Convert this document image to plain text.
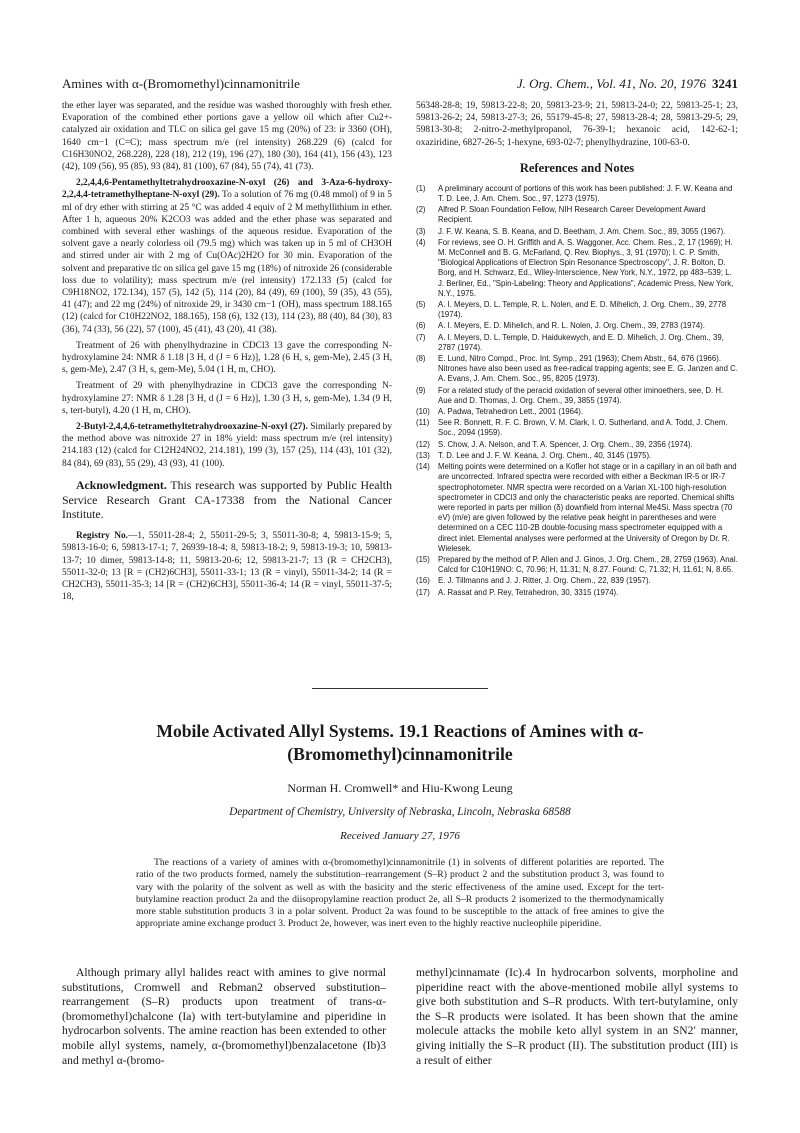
Amines with α-(Bromomethyl)cinnamonitrile	J. Org. Chem., Vol. 41, No. 20, 1976 3241

the ether layer was separated, and the residue was washed thoroughly with fresh ether. Evaporation of the combined ether portions gave a yellow oil which after Cu2+-catalyzed air oxidation and TLC on silica gel gave 15 mg (20%) of 23: ir 3360 (OH), 1640 cm−1 (C=C); mass spectrum m/e (rel intensity) 268.229 (6) (calcd for C16H30NO2, 268.228), 228 (18), 212 (19), 196 (27), 180 (30), 164 (41), 156 (43), 123 (42), 109 (56), 95 (85), 93 (84), 81 (100), 67 (84), 55 (74), 41 (73).

2,2,4,4,6-Pentamethyltetrahydrooxazine-N-oxyl (26) and 3-Aza-6-hydroxy-2,2,4,4-tetramethylheptane-N-oxyl (29). To a solution of 76 mg (0.48 mmol) of 9 in 5 ml of dry ether with stirring at 25 °C was added 4 equiv of 2 M methyllithium in ether. After 1 h, aqueous 20% K2CO3 was added and the ether phase was separated and combined with several ether washings of the aqueous residue. Evaporation of the solvent gave a nearly colorless oil (79.5 mg) which was taken up in 5 ml of CH3OH and stirred under air with 2 mg of Cu(OAc)2H2O for 30 min. Evaporation of the solvent and preparative tlc on silica gel gave 15 mg (18%) of nitroxide 26 (considerable loss due to volatility); mass spectrum m/e (rel intensity) 172.133 (5) (calcd for C9H18NO2, 172.134), 157 (5), 142 (5), 114 (20), 84 (49), 69 (100), 59 (35), 43 (55), 41 (47); and 22 mg (24%) of nitroxide 29, ir 3430 cm−1 (OH), mass spectrum 188.165 (12) (calcd for C10H22NO2, 188.165), 158 (6), 132 (13), 114 (23), 88 (40), 84 (30), 83 (36), 74 (33), 56 (22), 57 (100), 45 (41), 43 (20), 41 (38).

Treatment of 26 with phenylhydrazine in CDCl3 13 gave the corresponding N-hydroxylamine 24: NMR δ 1.18 [3 H, d (J = 6 Hz)], 1.28 (6 H, s, gem-Me), 2.45 (3 H, s, gem-Me), 2.47 (3 H, s, gem-Me), 5.04 (1 H, m, CHO).

Treatment of 29 with phenylhydrazine in CDCl3 gave the corresponding N-hydroxylamine 27: NMR δ 1.28 [3 H, d (J = 6 Hz)], 1.30 (3 H, s, gem-Me), 1.34 (9 H, s, tert-butyl), 4.20 (1 H, m, CHO).

2-Butyl-2,4,4,6-tetramethyltetrahydrooxazine-N-oxyl (27). Similarly prepared by the method above was nitroxide 27 in 18% yield: mass spectrum m/e (rel intensity) 214.183 (12) (calcd for C12H24NO2, 214.181), 199 (3), 157 (25), 114 (43), 101 (32), 84 (84), 69 (83), 55 (29), 43 (93), 41 (100).

Acknowledgment. This research was supported by Public Health Service Research Grant CA-17338 from the National Cancer Institute.

Registry No.—1, 55011-28-4; 2, 55011-29-5; 3, 55011-30-8; 4, 59813-15-9; 5, 59813-16-0; 6, 59813-17-1; 7, 26939-18-4; 8, 59813-18-2; 9, 59813-19-3; 10, 59813-13-7; 10 dimer, 59813-14-8; 11, 59813-20-6; 12, 59813-21-7; 13 (R = CH2CH3), 55011-32-0; 13 [R = (CH2)6CH3], 55011-33-1; 13 (R = vinyl), 55011-34-2; 14 (R = CH2CH3), 55011-35-3; 14 [R = (CH2)6CH3], 55011-36-4; 14 (R = vinyl, 55011-37-5; 18,

56348-28-8; 19, 59813-22-8; 20, 59813-23-9; 21, 59813-24-0; 22, 59813-25-1; 23, 59813-26-2; 24, 59813-27-3; 26, 55179-45-8; 27, 59813-28-4; 28, 59813-29-5; 29, 59813-30-8; 2-nitro-2-methylpropanol, 76-39-1; hexanoic acid, 142-62-1; oxaziridine, 6827-26-5; 1-hexyne, 693-02-7; phenylhydrazine, 100-63-0.

References and Notes
(1) A preliminary account of portions of this work has been published: J. F. W. Keana and T. D. Lee, J. Am. Chem. Soc., 97, 1273 (1975).
(2) Alfred P. Sloan Foundation Fellow, NIH Research Career Development Award Recipient.
(3) J. F. W. Keana, S. B. Keana, and D. Beetham, J. Am. Chem. Soc., 89, 3055 (1967).
(4) For reviews, see O. H. Griffith and A. S. Waggoner, Acc. Chem. Res., 2, 17 (1969); H. M. McConnell and B. G. McFarland, Q. Rev. Biophys., 3, 91 (1970); I. C. P. Smith, "Biological Applications of Electron Spin Resonance Spectroscopy", J. R. Bolton, D. Borg, and H. Schwarz, Ed., Wiley-Interscience, New York, N.Y., 1972, pp 483–539; L. J. Berliner, Ed., "Spin-Labeling: Theory and Applications", Academic Press, New York, N.Y., 1975.
(5) A. I. Meyers, D. L. Temple, R. L. Nolen, and E. D. Mihelich, J. Org. Chem., 39, 2778 (1974).
(6) A. I. Meyers, E. D. Mihelich, and R. L. Nolen, J. Org. Chem., 39, 2783 (1974).
(7) A. I. Meyers, D. L. Temple, D. Haidukewych, and E. D. Mihelich, J. Org. Chem., 39, 2787 (1974).
(8) E. Lund, Nitro Compd., Proc. Int. Symp., 291 (1963); Chem Abstr., 64, 676 (1966). Nitrones have also been used as free-radical trapping agents; see E. G. Janzen and C. A. Evans, J. Am. Chem. Soc., 95, 8205 (1973).
(9) For a related study of the peracid oxidation of several other iminoethers, see, D. H. Aue and D. Thomas, J. Org. Chem., 39, 3855 (1974).
(10) A. Padwa, Tetrahedron Lett., 2001 (1964).
(11) See R. Bonnett, R. F. C. Brown, V. M. Clark, I. O. Sutherland, and A. Todd, J. Chem. Soc., 2094 (1959).
(12) S. Chow, J. A. Nelson, and T. A. Spencer, J. Org. Chem., 39, 2356 (1974).
(13) T. D. Lee and J. F. W. Keana, J. Org. Chem., 40, 3145 (1975).
(14) Melting points were determined on a Kofler hot stage or in a capillary in an oil bath and are uncorrected. Infrared spectra were recorded with either a Beckman IR-5 or IR-7 spectrophotometer. NMR spectra were recorded on a Varian XL-100 high-resolution spectrometer in CDCl3 and only the characteristic peaks are reported. Chemical shifts were reported in parts per million (δ) downfield from internal Me4Si. Mass spectra (70 eV) (m/e) are given followed by the relative peak height in parentheses and were determined on a CEC 110-2B double-focusing mass spectrometer equipped with a direct inlet. Elemental analyses were performed at the University of Oregon by Dr. R. Wielesek.
(15) Prepared by the method of P. Allen and J. Ginos, J. Org. Chem., 28, 2759 (1963). Anal. Calcd for C10H19NO: C, 70.96; H, 11.31; N, 8.27. Found: C, 71.32; H, 11.61; N, 8.65.
(16) E. J. Tillmanns and J. J. Ritter, J. Org. Chem., 22, 839 (1957).
(17) A. Rassat and P. Rey, Tetrahedron, 30, 3315 (1974).
Mobile Activated Allyl Systems. 19.1 Reactions of Amines with α-(Bromomethyl)cinnamonitrile
Norman H. Cromwell* and Hiu-Kwong Leung
Department of Chemistry, University of Nebraska, Lincoln, Nebraska 68588
Received January 27, 1976

The reactions of a variety of amines with α-(bromomethyl)cinnamonitrile (1) in solvents of different polarities are reported. The ratio of the two products formed, namely the substitution–rearrangement (S–R) product 2 and the substitution product 3, was found to vary with the polarity of the solvent as well as with the basicity and the steric effectiveness of the amine used. Except for the tert-butylamine reaction product 2a and the diisopropylamine reaction product 2e, all S–R products 2 isomerized to the thermodynamically more stable substitution products 3 in a polar solvent. Product 2a was found to be susceptible to the attack of free amines to give the appropriate amine exchange product 3. Product 2e, however, was inert even to the highly reactive nucleophile piperidine.

Although primary allyl halides react with amines to give normal substitutions, Cromwell and Rebman2 observed substitution–rearrangement (S–R) products upon treatment of trans-α-(bromomethyl)chalcone (Ia) with tert-butylamine and piperidine in hydrocarbon solvents. The amine reaction has been extended to other mobile allyl systems, namely, α-(bromomethyl)benzalacetone (Ib)3 and methyl α-(bromo-

methyl)cinnamate (Ic).4 In hydrocarbon solvents, morpholine and piperidine react with the above-mentioned mobile allyl systems to give both substitution and S–R products. With tert-butylamine, only the S–R products were isolated. It has been shown that the amine molecule attacks the mobile keto allyl system in an SN2′ manner, giving initially the S–R product (II). The substitution product (III) is a result of either
